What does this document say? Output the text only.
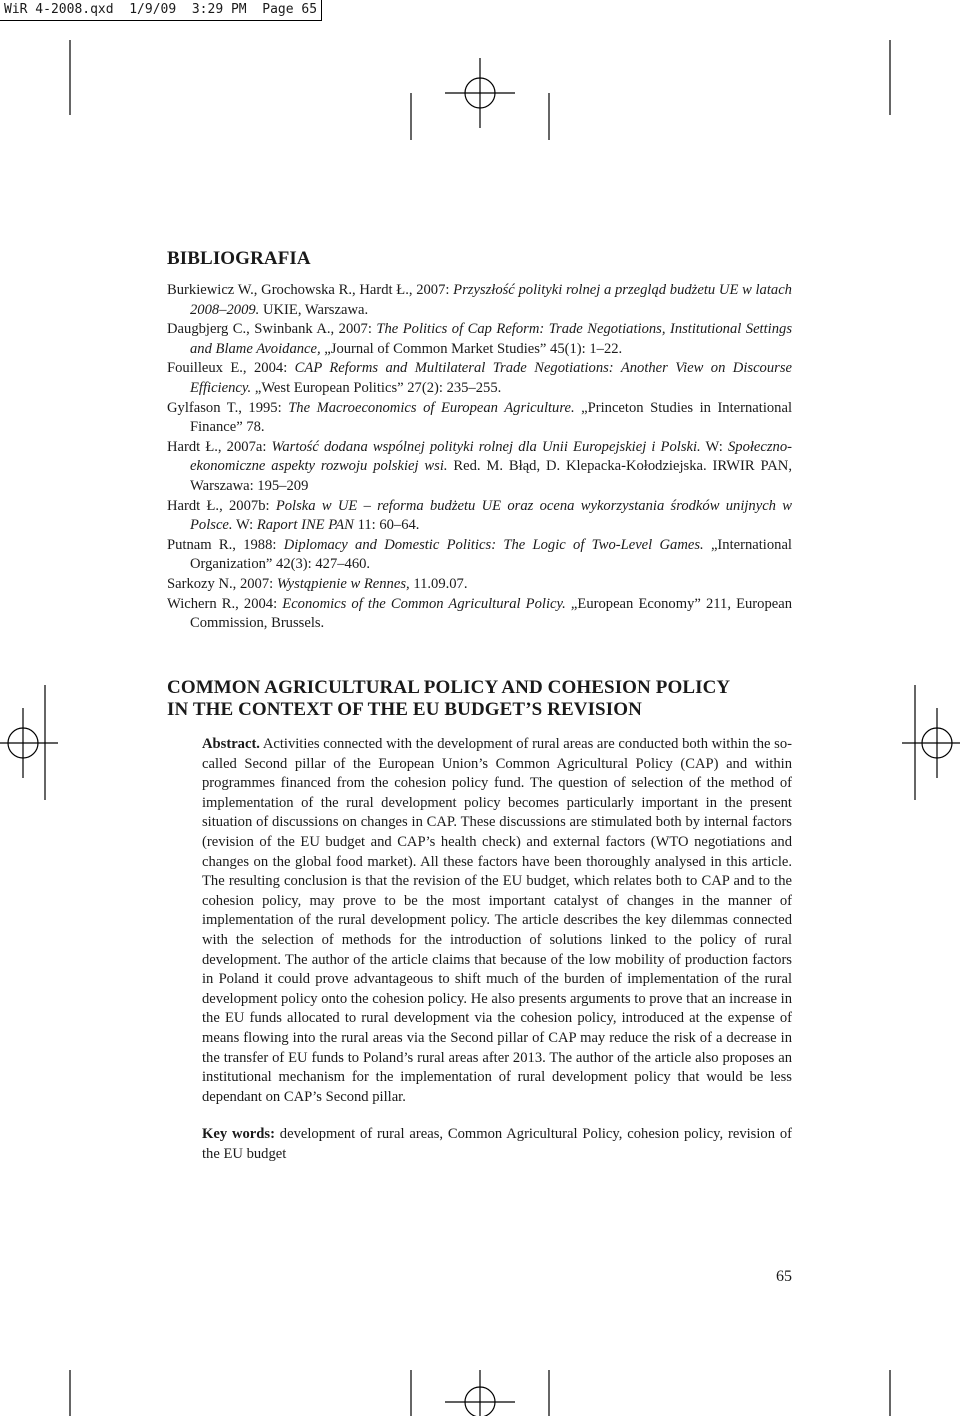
WiR 4-2008.qxd  1/9/09  3:29 PM  Page 65
BIBLIOGRAFIA

Burkiewicz W., Grochowska R., Hardt Ł., 2007: Przyszłość polityki rolnej a przegląd budżetu UE w latach 2008–2009. UKIE, Warszawa.

Daugbjerg C., Swinbank A., 2007: The Politics of Cap Reform: Trade Negotiations, Institutional Settings and Blame Avoidance, „Journal of Common Market Studies” 45(1): 1–22.

Fouilleux E., 2004: CAP Reforms and Multilateral Trade Negotiations: Another View on Discourse Efficiency. „West European Politics” 27(2): 235–255.

Gylfason T., 1995: The Macroeconomics of European Agriculture. „Princeton Studies in International Finance” 78.

Hardt Ł., 2007a: Wartość dodana wspólnej polityki rolnej dla Unii Europejskiej i Polski. W: Społeczno-ekonomiczne aspekty rozwoju polskiej wsi. Red. M. Błąd, D. Klepacka-Kołodziejska. IRWIR PAN, Warszawa: 195–209

Hardt Ł., 2007b: Polska w UE – reforma budżetu UE oraz ocena wykorzystania środków unijnych w Polsce. W: Raport INE PAN 11: 60–64.

Putnam R., 1988: Diplomacy and Domestic Politics: The Logic of Two-Level Games. „International Organization” 42(3): 427–460.

Sarkozy N., 2007: Wystąpienie w Rennes, 11.09.07.

Wichern R., 2004: Economics of the Common Agricultural Policy. „European Economy” 211, European Commission, Brussels.

COMMON AGRICULTURAL POLICY AND COHESION POLICY
IN THE CONTEXT OF THE EU BUDGET’S REVISION

Abstract. Activities connected with the development of rural areas are conducted both within the so-called Second pillar of the European Union’s Common Agricultural Policy (CAP) and within programmes financed from the cohesion policy fund. The question of selection of the method of implementation of the rural development policy becomes particularly important in the present situation of discussions on changes in CAP. These discussions are stimulated both by internal factors (revision of the EU budget and CAP’s health check) and external factors (WTO negotiations and changes on the global food market). All these factors have been thoroughly analysed in this article. The resulting conclusion is that the revision of the EU budget, which relates both to CAP and to the cohesion policy, may prove to be the most important catalyst of changes in the manner of implementation of the rural development policy. The article describes the key dilemmas connected with the selection of methods for the introduction of solutions linked to the policy of rural development. The author of the article claims that because of the low mobility of production factors in Poland it could prove advantageous to shift much of the burden of implementation of the rural development policy onto the cohesion policy. He also presents arguments to prove that an increase in the EU funds allocated to rural development via the cohesion policy, introduced at the expense of means flowing into the rural areas via the Second pillar of CAP may reduce the risk of a decrease in the transfer of EU funds to Poland’s rural areas after 2013. The author of the article also proposes an institutional mechanism for the implementation of rural development policy that would be less dependant on CAP’s Second pillar.

Key words: development of rural areas, Common Agricultural Policy, cohesion policy, revision of the EU budget

65
